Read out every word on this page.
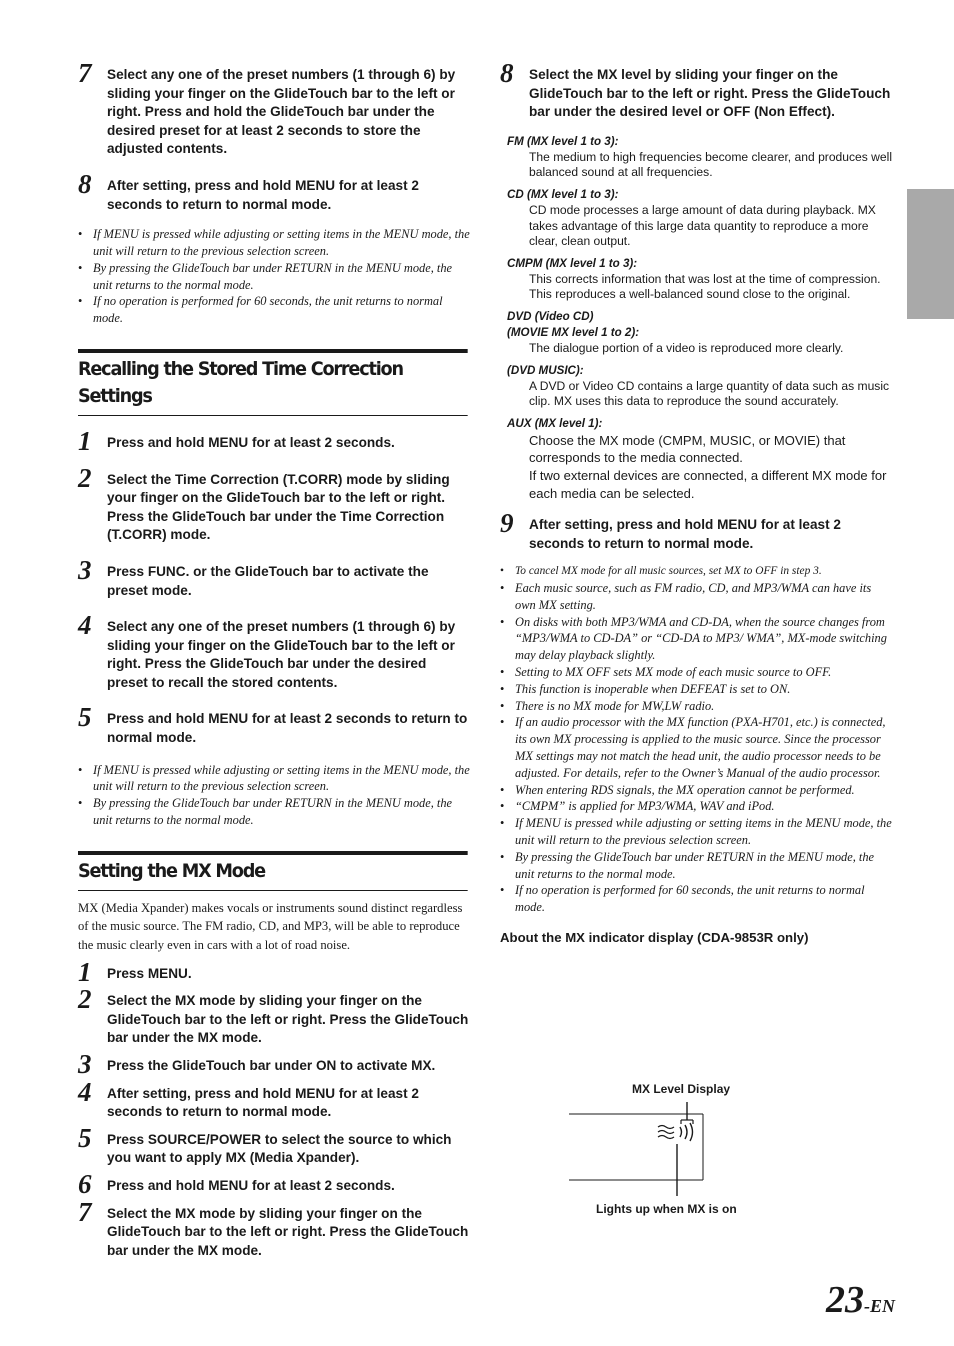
7 Select any one of the preset numbers (1 through 6) by sliding your finger on the GlideTouch bar to the left or right. Press and hold the GlideTouch bar under the desired preset for at least 2 seconds to store the adjusted contents.
8 After setting, press and hold MENU for at least 2 seconds to return to normal mode.
• If MENU is pressed while adjusting or setting items in the MENU mode, the unit will return to the previous selection screen.
• By pressing the GlideTouch bar under RETURN in the MENU mode, the unit returns to the normal mode.
• If no operation is performed for 60 seconds, the unit returns to normal mode.
Recalling the Stored Time Correction Settings
1 Press and hold MENU for at least 2 seconds.
2 Select the Time Correction (T.CORR) mode by sliding your finger on the GlideTouch bar to the left or right. Press the GlideTouch bar under the Time Correction (T.CORR) mode.
3 Press FUNC. or the GlideTouch bar to activate the preset mode.
4 Select any one of the preset numbers (1 through 6) by sliding your finger on the GlideTouch bar to the left or right. Press the GlideTouch bar under the desired preset to recall the stored contents.
5 Press and hold MENU for at least 2 seconds to return to normal mode.
• If MENU is pressed while adjusting or setting items in the MENU mode, the unit will return to the previous selection screen.
• By pressing the GlideTouch bar under RETURN in the MENU mode, the unit returns to the normal mode.
Setting the MX Mode
MX (Media Xpander) makes vocals or instruments sound distinct regardless of the music source. The FM radio, CD, and MP3, will be able to reproduce the music clearly even in cars with a lot of road noise.
1 Press MENU.
2 Select the MX mode by sliding your finger on the GlideTouch bar to the left or right. Press the GlideTouch bar under the MX mode.
3 Press the GlideTouch bar under ON to activate MX.
4 After setting, press and hold MENU for at least 2 seconds to return to normal mode.
5 Press SOURCE/POWER to select the source to which you want to apply MX (Media Xpander).
6 Press and hold MENU for at least 2 seconds.
7 Select the MX mode by sliding your finger on the GlideTouch bar to the left or right. Press the GlideTouch bar under the MX mode.
8 Select the MX level by sliding your finger on the GlideTouch bar to the left or right. Press the GlideTouch bar under the desired level or OFF (Non Effect).
FM (MX level 1 to 3):
The medium to high frequencies become clearer, and produces well balanced sound at all frequencies.
CD (MX level 1 to 3):
CD mode processes a large amount of data during playback. MX takes advantage of this large data quantity to reproduce a more clear, clean output.
CMPM (MX level 1 to 3):
This corrects information that was lost at the time of compression. This reproduces a well-balanced sound close to the original.
DVD (Video CD)
(MOVIE MX level 1 to 2):
The dialogue portion of a video is reproduced more clearly.
(DVD MUSIC):
A DVD or Video CD contains a large quantity of data such as music clip. MX uses this data to reproduce the sound accurately.
AUX (MX level 1):
Choose the MX mode (CMPM, MUSIC, or MOVIE) that corresponds to the media connected.
If two external devices are connected, a different MX mode for each media can be selected.
9 After setting, press and hold MENU for at least 2 seconds to return to normal mode.
• To cancel MX mode for all music sources, set MX to OFF in step 3.
• Each music source, such as FM radio, CD, and MP3/WMA can have its own MX setting.
• On disks with both MP3/WMA and CD-DA, when the source changes from “MP3/WMA to CD-DA” or “CD-DA to MP3/ WMA”, MX-mode switching may delay playback slightly.
• Setting to MX OFF sets MX mode of each music source to OFF.
• This function is inoperable when DEFEAT is set to ON.
• There is no MX mode for MW,LW radio.
• If an audio processor with the MX function (PXA-H701, etc.) is connected, its own MX processing is applied to the music source. Since the processor MX settings may not match the head unit, the audio processor needs to be adjusted. For details, refer to the Owner’s Manual of the audio processor.
• When entering RDS signals, the MX operation cannot be performed.
• “CMPM” is applied for MP3/WMA, WAV and iPod.
• If MENU is pressed while adjusting or setting items in the MENU mode, the unit will return to the previous selection screen.
• By pressing the GlideTouch bar under RETURN in the MENU mode, the unit returns to the normal mode.
• If no operation is performed for 60 seconds, the unit returns to normal mode.
About the MX indicator display (CDA-9853R only)
MX Level Display
Lights up when MX is on
23-EN
